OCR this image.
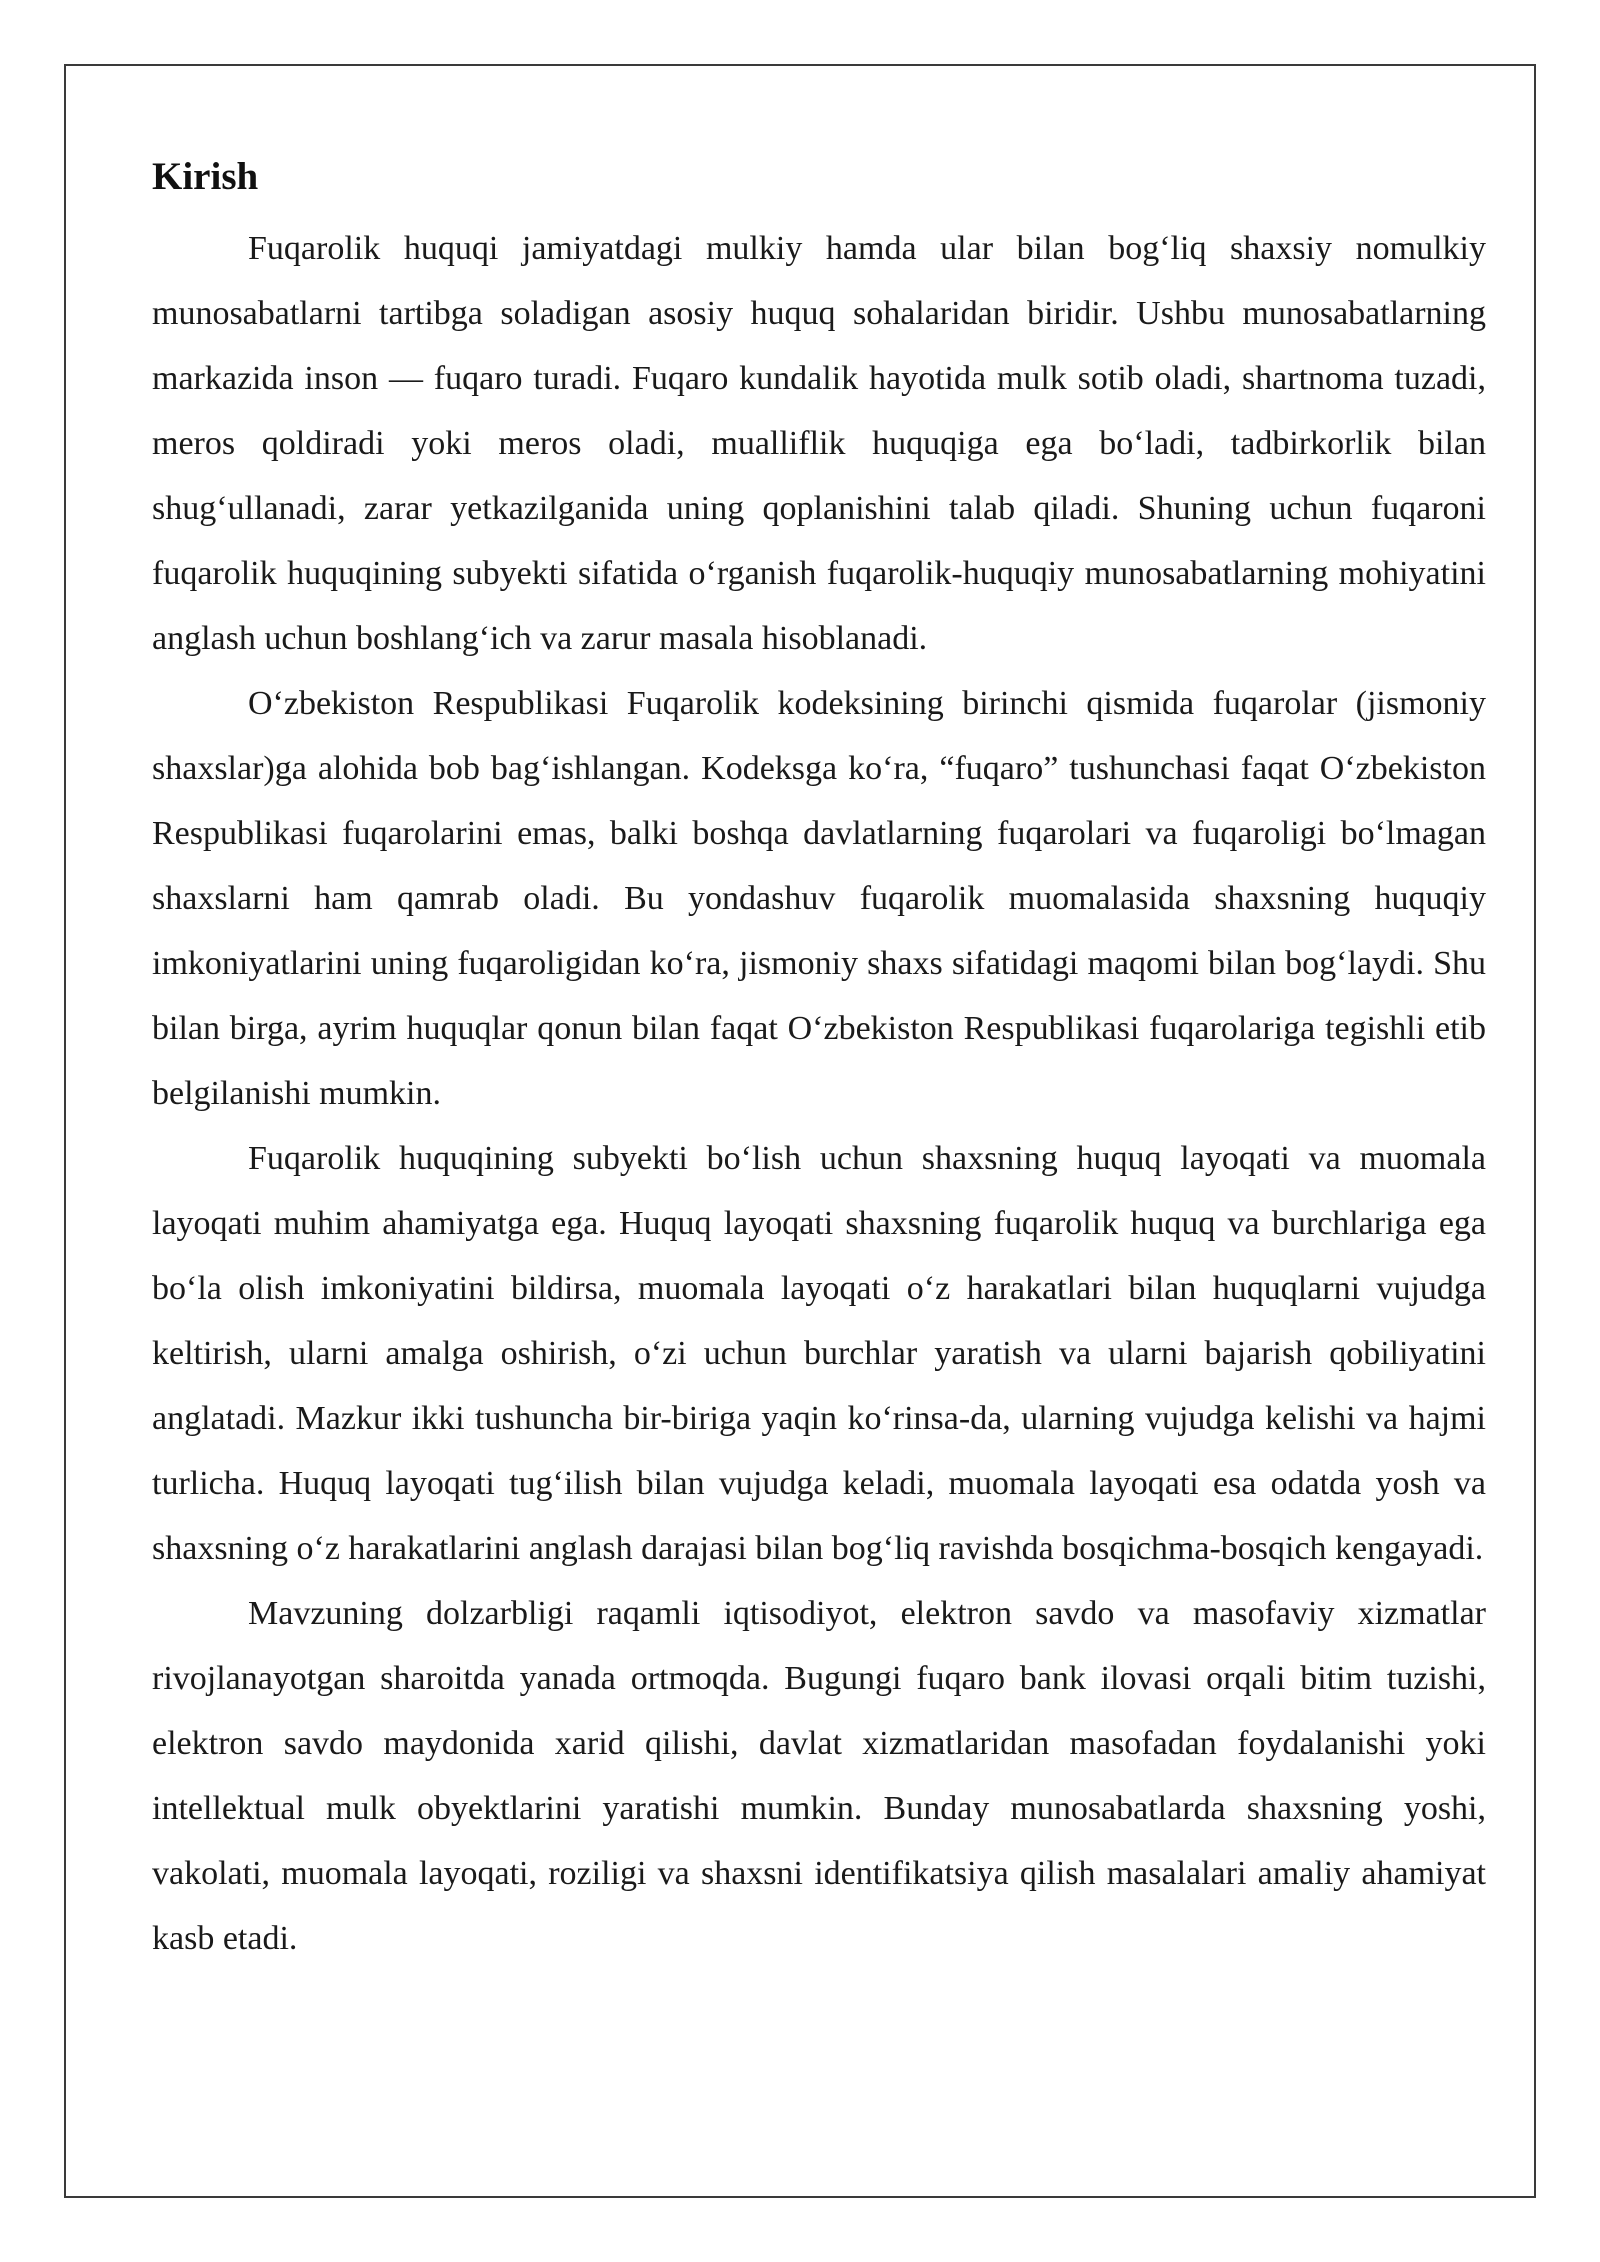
Kirish

Fuqarolik huquqi jamiyatdagi mulkiy hamda ular bilan bog‘liq shaxsiy nomulkiy munosabatlarni tartibga soladigan asosiy huquq sohalaridan biridir. Ushbu munosabatlarning markazida inson — fuqaro turadi. Fuqaro kundalik hayotida mulk sotib oladi, shartnoma tuzadi, meros qoldiradi yoki meros oladi, mualliflik huquqiga ega bo‘ladi, tadbirkorlik bilan shug‘ullanadi, zarar yetkazilganida uning qoplanishini talab qiladi. Shuning uchun fuqaroni fuqarolik huquqining subyekti sifatida o‘rganish fuqarolik-huquqiy munosabatlarning mohiyatini anglash uchun boshlang‘ich va zarur masala hisoblanadi.

O‘zbekiston Respublikasi Fuqarolik kodeksining birinchi qismida fuqarolar (jismoniy shaxslar)ga alohida bob bag‘ishlangan. Kodeksga ko‘ra, “fuqaro” tushunchasi faqat O‘zbekiston Respublikasi fuqarolarini emas, balki boshqa davlatlarning fuqarolari va fuqaroligi bo‘lmagan shaxslarni ham qamrab oladi. Bu yondashuv fuqarolik muomalasida shaxsning huquqiy imkoniyatlarini uning fuqaroligidan ko‘ra, jismoniy shaxs sifatidagi maqomi bilan bog‘laydi. Shu bilan birga, ayrim huquqlar qonun bilan faqat O‘zbekiston Respublikasi fuqarolariga tegishli etib belgilanishi mumkin.

Fuqarolik huquqining subyekti bo‘lish uchun shaxsning huquq layoqati va muomala layoqati muhim ahamiyatga ega. Huquq layoqati shaxsning fuqarolik huquq va burchlariga ega bo‘la olish imkoniyatini bildirsa, muomala layoqati o‘z harakatlari bilan huquqlarni vujudga keltirish, ularni amalga oshirish, o‘zi uchun burchlar yaratish va ularni bajarish qobiliyatini anglatadi. Mazkur ikki tushuncha bir-biriga yaqin ko‘rinsa-da, ularning vujudga kelishi va hajmi turlicha. Huquq layoqati tug‘ilish bilan vujudga keladi, muomala layoqati esa odatda yosh va shaxsning o‘z harakatlarini anglash darajasi bilan bog‘liq ravishda bosqichma-bosqich kengayadi.

Mavzuning dolzarbligi raqamli iqtisodiyot, elektron savdo va masofaviy xizmatlar rivojlanayotgan sharoitda yanada ortmoqda. Bugungi fuqaro bank ilovasi orqali bitim tuzishi, elektron savdo maydonida xarid qilishi, davlat xizmatlaridan masofadan foydalanishi yoki intellektual mulk obyektlarini yaratishi mumkin. Bunday munosabatlarda shaxsning yoshi, vakolati, muomala layoqati, roziligi va shaxsni identifikatsiya qilish masalalari amaliy ahamiyat kasb etadi.
